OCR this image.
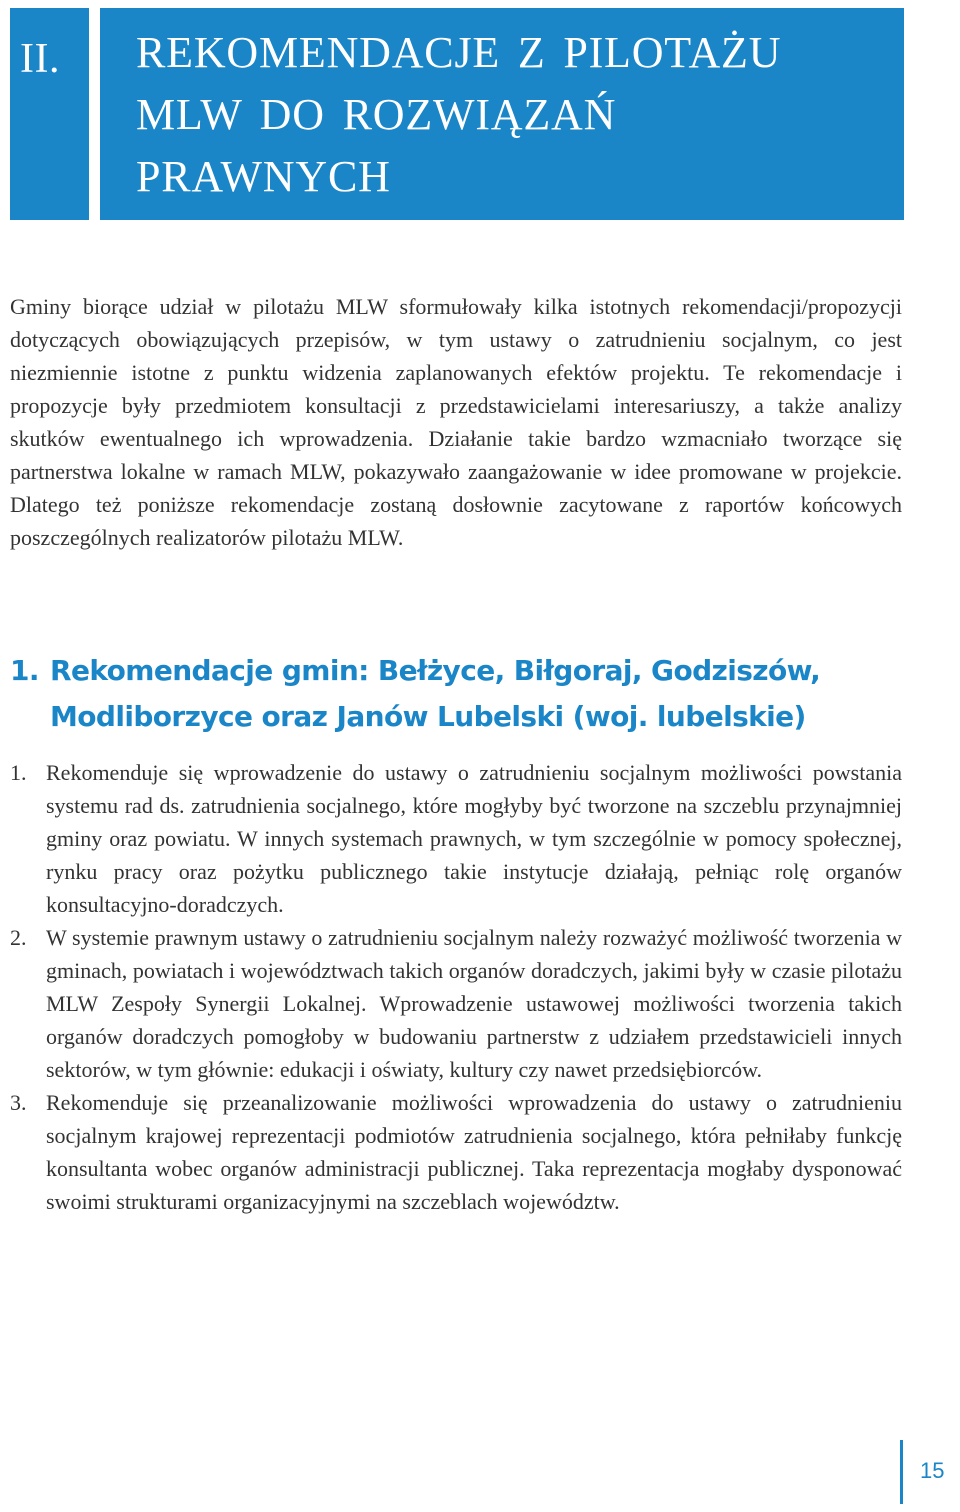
II. REKOMENDACJE Z PILOTAŻU MLW DO ROZWIĄZAŃ PRAWNYCH

Gminy biorące udział w pilotażu MLW sformułowały kilka istotnych rekomendacji/propozycji dotyczących obowiązujących przepisów, w tym ustawy o zatrudnieniu socjalnym, co jest niezmiennie istotne z punktu widzenia zaplanowanych efektów projektu. Te rekomendacje i propozycje były przedmiotem konsultacji z przedstawicielami interesariuszy, a także analizy skutków ewentualnego ich wprowadzenia. Działanie takie bardzo wzmacniało tworzące się partnerstwa lokalne w ramach MLW, pokazywało zaangażowanie w idee promowane w projekcie. Dlatego też poniższe rekomendacje zostaną dosłownie zacytowane z raportów końcowych poszczególnych realizatorów pilotażu MLW.

1. Rekomendacje gmin: Bełżyce, Biłgoraj, Godziszów,
Modliborzyce oraz Janów Lubelski (woj. lubelskie)
1. Rekomenduje się wprowadzenie do ustawy o zatrudnieniu socjalnym możliwości powstania systemu rad ds. zatrudnienia socjalnego, które mogłyby być tworzone na szczeblu przynajmniej gminy oraz powiatu. W innych systemach prawnych, w tym szczególnie w pomocy społecznej, rynku pracy oraz pożytku publicznego takie instytucje działają, pełniąc rolę organów konsultacyjno-doradczych.
2. W systemie prawnym ustawy o zatrudnieniu socjalnym należy rozważyć możliwość tworzenia w gminach, powiatach i województwach takich organów doradczych, jakimi były w czasie pilotażu MLW Zespoły Synergii Lokalnej. Wprowadzenie ustawowej możliwości tworzenia takich organów doradczych pomogłoby w budowaniu partnerstw z udziałem przedstawicieli innych sektorów, w tym głównie: edukacji i oświaty, kultury czy nawet przedsiębiorców.
3. Rekomenduje się przeanalizowanie możliwości wprowadzenia do ustawy o zatrudnieniu socjalnym krajowej reprezentacji podmiotów zatrudnienia socjalnego, która pełniłaby funkcję konsultanta wobec organów administracji publicznej. Taka reprezentacja mogłaby dysponować swoimi strukturami organizacyjnymi na szczeblach województw.
15
